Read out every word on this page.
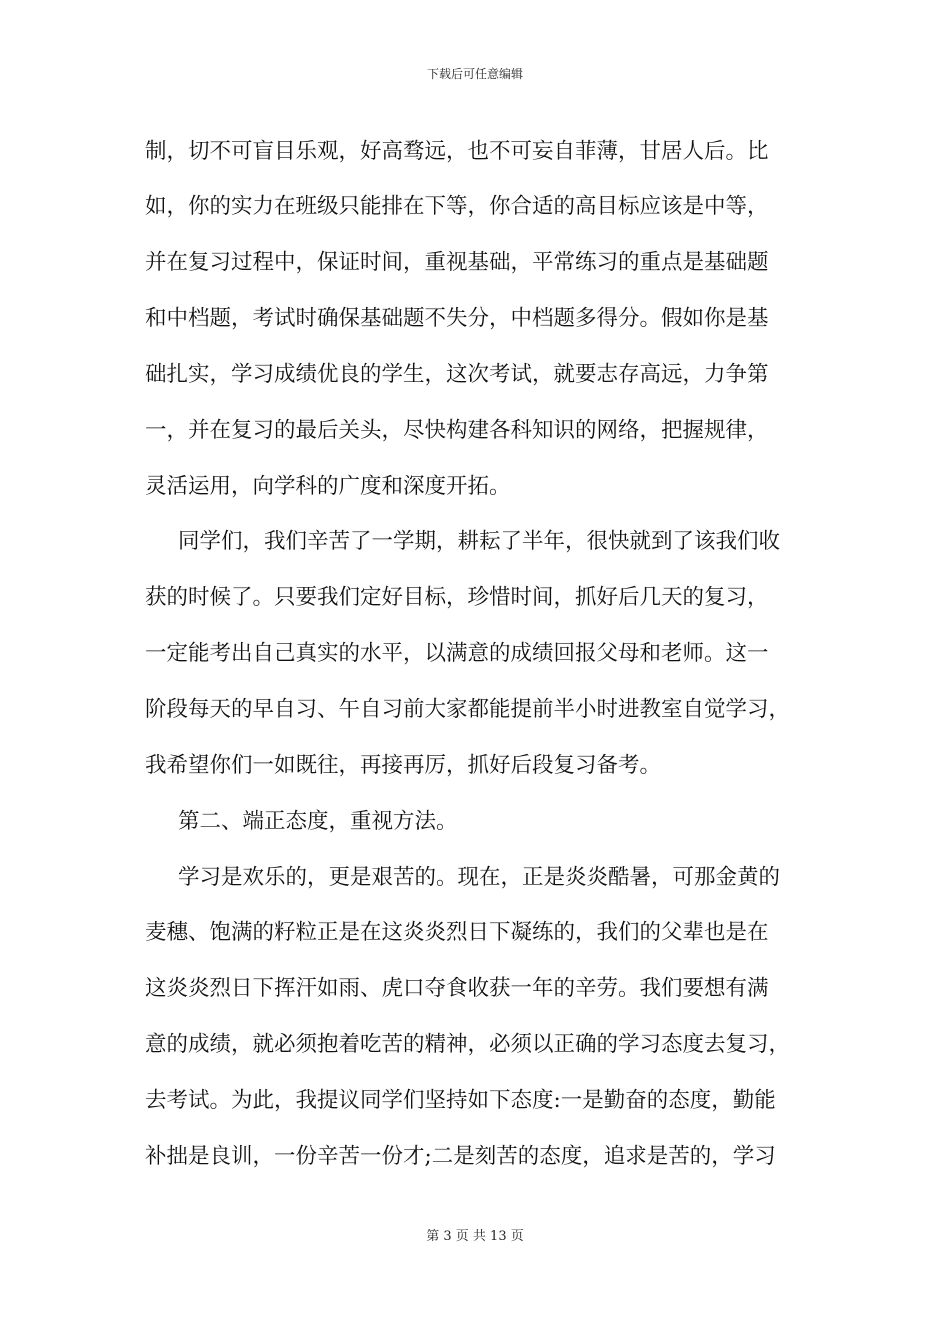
下载后可任意编辑
制，切不可盲目乐观，好高骛远，也不可妄自菲薄，甘居人后。比
如，你的实力在班级只能排在下等，你合适的高目标应该是中等，
并在复习过程中，保证时间，重视基础，平常练习的重点是基础题
和中档题，考试时确保基础题不失分，中档题多得分。假如你是基
础扎实，学习成绩优良的学生，这次考试，就要志存高远，力争第
一，并在复习的最后关头，尽快构建各科知识的网络，把握规律，
灵活运用，向学科的广度和深度开拓。
同学们，我们辛苦了一学期，耕耘了半年，很快就到了该我们收
获的时候了。只要我们定好目标，珍惜时间，抓好后几天的复习，
一定能考出自己真实的水平，以满意的成绩回报父母和老师。这一
阶段每天的早自习、午自习前大家都能提前半小时进教室自觉学习，
我希望你们一如既往，再接再厉，抓好后段复习备考。
第二、端正态度，重视方法。
学习是欢乐的，更是艰苦的。现在，正是炎炎酷暑，可那金黄的
麦穗、饱满的籽粒正是在这炎炎烈日下凝练的，我们的父辈也是在
这炎炎烈日下挥汗如雨、虎口夺食收获一年的辛劳。我们要想有满
意的成绩，就必须抱着吃苦的精神，必须以正确的学习态度去复习，
去考试。为此，我提议同学们坚持如下态度:一是勤奋的态度，勤能
补拙是良训，一份辛苦一份才;二是刻苦的态度，追求是苦的，学习
第 3 页 共 13 页
